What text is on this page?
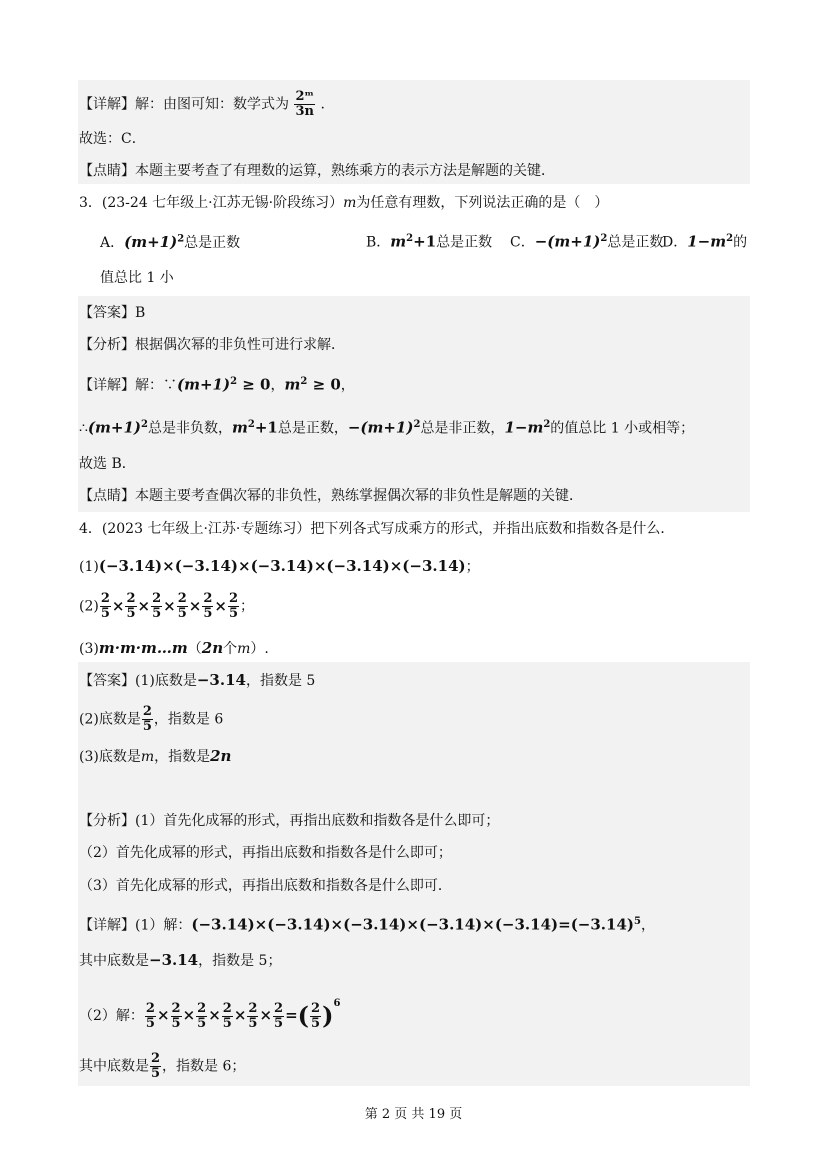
【详解】解：由图可知：数学式为 $\frac{\text{2ᵐ}}{3n}$ .
故选：C．
【点睛】本题主要考查了有理数的运算，熟练乘方的表示方法是解题的关键．
3．(23-24 七年级上·江苏无锡·阶段练习）m为任意有理数，下列说法正确的是（　）
A．$(m+1)^2$总是正数	B．$m^2+1$总是正数 C．$-(m+1)^2$总是正数
D．$1-m^2$的
值总比 1 小
【答案】B
【分析】根据偶次幂的非负性可进行求解．
【详解】解：$\because(m+1)^2 \ge 0$，$m^2 \ge 0$，
$\therefore(m+1)^2$总是非负数，$m^2+1$总是正数，$-(m+1)^2$总是非正数，$1-m^2$的值总比 1 小或相等；
故选 B．
【点睛】本题主要考查偶次幂的非负性，熟练掌握偶次幂的非负性是解题的关键．
4．(2023 七年级上·江苏·专题练习）把下列各式写成乘方的形式，并指出底数和指数各是什么．
(1)(−3.14)×(−3.14)×(−3.14)×(−3.14)×(−3.14)；
$(2) \frac{2}{5} \times \frac{2}{5} \times \frac{2}{5} \times \frac{2}{5} \times \frac{2}{5} \times \frac{2}{5}$ ；
(3)m·m·m…m（2n个m）.
【答案】(1)底数是−3.14，指数是 5
(2)底数是 $\frac{2}{5}$ ，指数是 6
(3)底数是m，指数是2n
【分析】(1）首先化成幂的形式，再指出底数和指数各是什么即可；
（2）首先化成幂的形式，再指出底数和指数各是什么即可；
（3）首先化成幂的形式，再指出底数和指数各是什么即可．
【详解】(1）解：$(-3.14)\times(-3.14)\times(-3.14)\times(-3.14)\times(-3.14)=(-3.14)^5$，
其中底数是−3.14，指数是 5；
（2）解： $\frac{2}{5} \times \frac{2}{5} \times \frac{2}{5} \times \frac{2}{5} \times \frac{2}{5} \times \frac{2}{5}$ =( $\frac{2}{5} )^6$
其中底数是 $\frac{2}{5}$ ，指数是 6；
第 2 页 共 19 页
